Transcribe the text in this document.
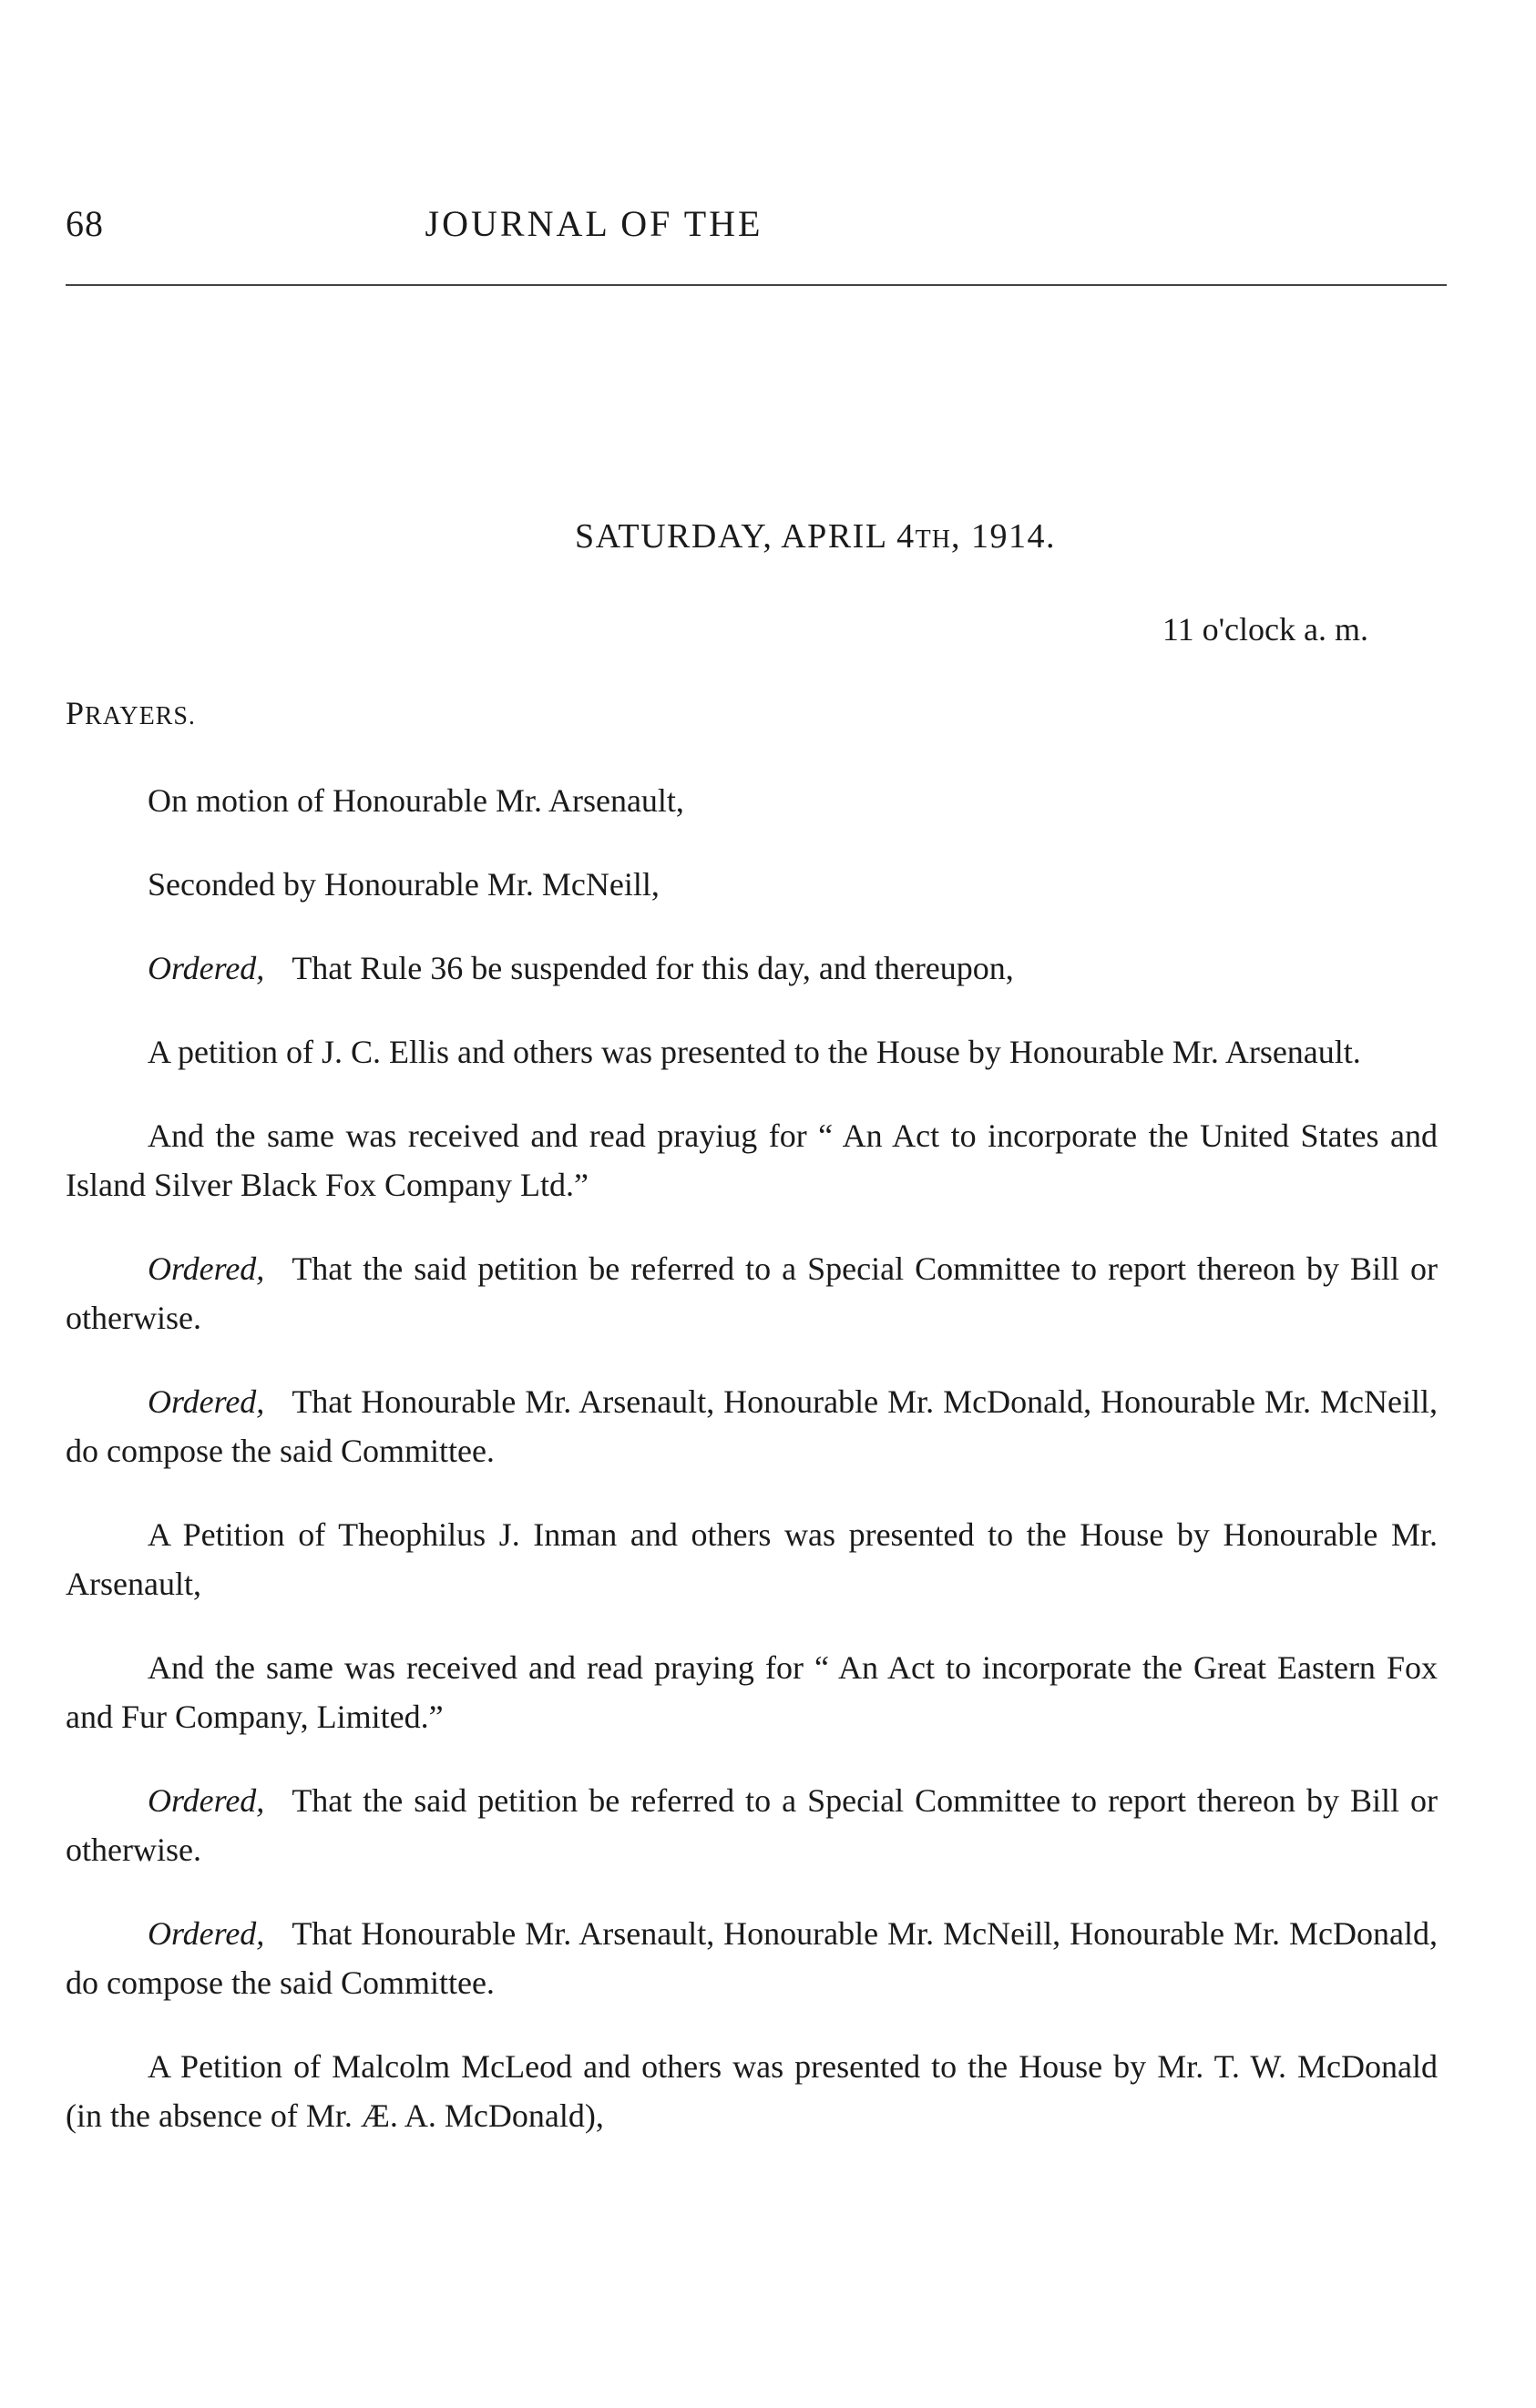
68	JOURNAL OF THE

SATURDAY, APRIL 4TH, 1914.

11 o'clock a. m.

PRAYERS.

On motion of Honourable Mr. Arsenault,

Seconded by Honourable Mr. McNeill,

Ordered, That Rule 36 be suspended for this day, and thereupon,

A petition of J. C. Ellis and others was presented to the House by Honourable Mr. Arsenault.

And the same was received and read prayiug for “ An Act to incorporate the United States and Island Silver Black Fox Company Ltd.”

Ordered, That the said petition be referred to a Special Committee to report thereon by Bill or otherwise.

Ordered, That Honourable Mr. Arsenault, Honourable Mr. McDonald, Honourable Mr. McNeill, do compose the said Committee.

A Petition of Theophilus J. Inman and others was presented to the House by Honourable Mr. Arsenault,

And the same was received and read praying for “ An Act to incorporate the Great Eastern Fox and Fur Company, Limited.”

Ordered, That the said petition be referred to a Special Committee to report thereon by Bill or otherwise.

Ordered, That Honourable Mr. Arsenault, Honourable Mr. McNeill, Honourable Mr. McDonald, do compose the said Committee.

A Petition of Malcolm McLeod and others was presented to the House by Mr. T. W. McDonald (in the absence of Mr. Æ. A. McDonald),
